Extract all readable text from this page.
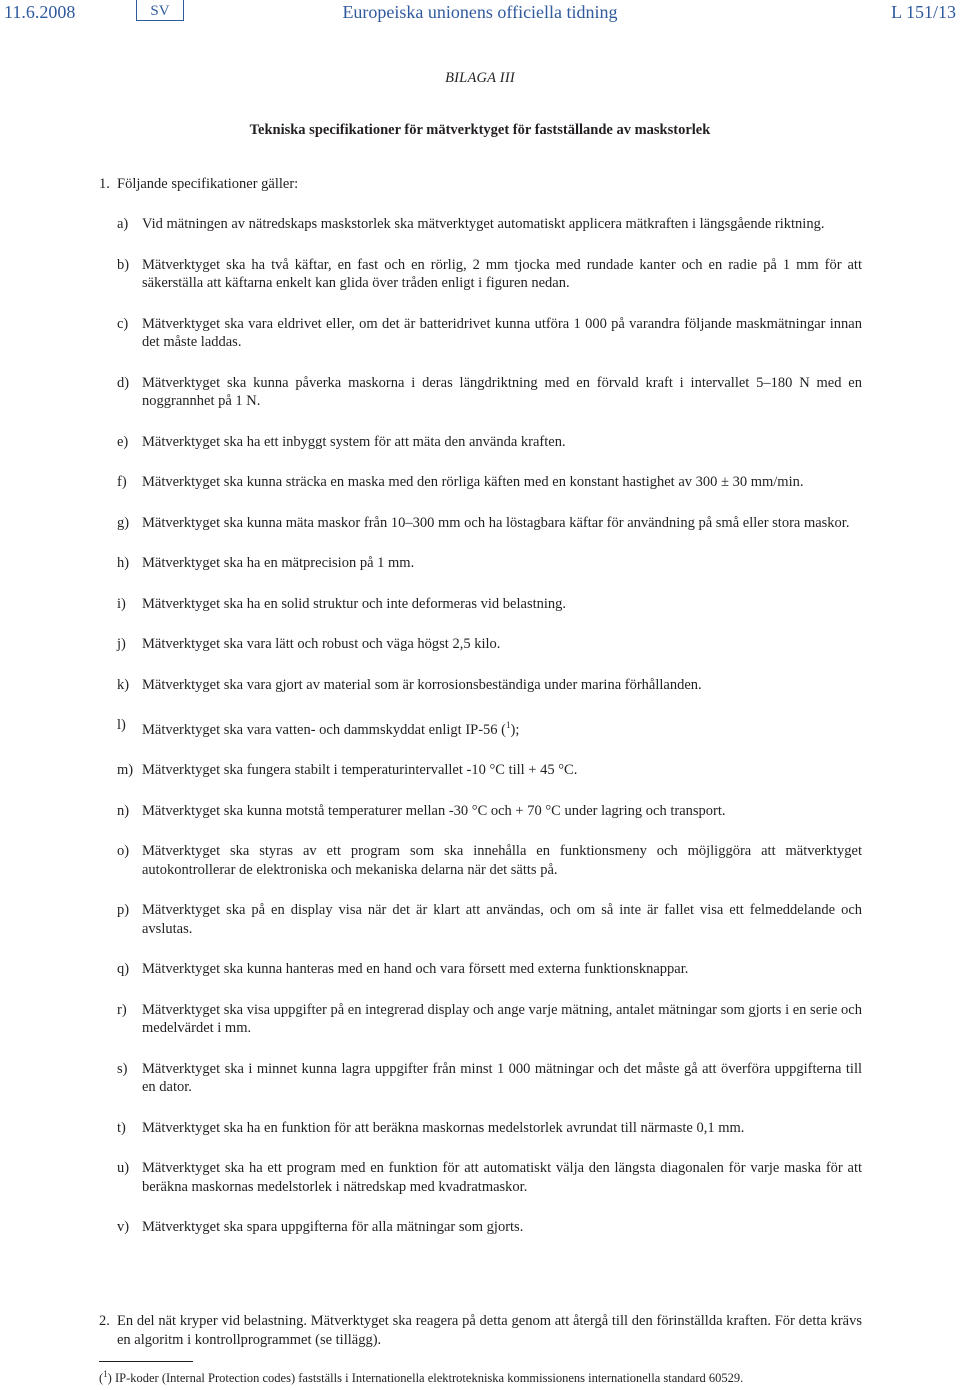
11.6.2008	SV	Europeiska unionens officiella tidning	L 151/13
BILAGA III
Tekniska specifikationer för mätverktyget för fastställande av maskstorlek
1. Följande specifikationer gäller:
a) Vid mätningen av nätredskaps maskstorlek ska mätverktyget automatiskt applicera mätkraften i längsgående riktning.
b) Mätverktyget ska ha två käftar, en fast och en rörlig, 2 mm tjocka med rundade kanter och en radie på 1 mm för att säkerställa att käftarna enkelt kan glida över tråden enligt i figuren nedan.
c) Mätverktyget ska vara eldrivet eller, om det är batteridrivet kunna utföra 1 000 på varandra följande maskmätningar innan det måste laddas.
d) Mätverktyget ska kunna påverka maskorna i deras längdriktning med en förvald kraft i intervallet 5–180 N med en noggrannhet på 1 N.
e) Mätverktyget ska ha ett inbyggt system för att mäta den använda kraften.
f) Mätverktyget ska kunna sträcka en maska med den rörliga käften med en konstant hastighet av 300 ± 30 mm/min.
g) Mätverktyget ska kunna mäta maskor från 10–300 mm och ha löstagbara käftar för användning på små eller stora maskor.
h) Mätverktyget ska ha en mätprecision på 1 mm.
i) Mätverktyget ska ha en solid struktur och inte deformeras vid belastning.
j) Mätverktyget ska vara lätt och robust och väga högst 2,5 kilo.
k) Mätverktyget ska vara gjort av material som är korrosionsbeständiga under marina förhållanden.
l) Mätverktyget ska vara vatten- och dammskyddat enligt IP-56 ($^1$);
m) Mätverktyget ska fungera stabilt i temperaturintervallet -10 °C till + 45 °C.
n) Mätverktyget ska kunna motstå temperaturer mellan -30 °C och + 70 °C under lagring och transport.
o) Mätverktyget ska styras av ett program som ska innehålla en funktionsmeny och möjliggöra att mätverktyget autokontrollerar de elektroniska och mekaniska delarna när det sätts på.
p) Mätverktyget ska på en display visa när det är klart att användas, och om så inte är fallet visa ett felmeddelande och avslutas.
q) Mätverktyget ska kunna hanteras med en hand och vara försett med externa funktionsknappar.
r) Mätverktyget ska visa uppgifter på en integrerad display och ange varje mätning, antalet mätningar som gjorts i en serie och medelvärdet i mm.
s) Mätverktyget ska i minnet kunna lagra uppgifter från minst 1 000 mätningar och det måste gå att överföra uppgifterna till en dator.
t) Mätverktyget ska ha en funktion för att beräkna maskornas medelstorlek avrundat till närmaste 0,1 mm.
u) Mätverktyget ska ha ett program med en funktion för att automatiskt välja den längsta diagonalen för varje maska för att beräkna maskornas medelstorlek i nätredskap med kvadratmaskor.
v) Mätverktyget ska spara uppgifterna för alla mätningar som gjorts.
2. En del nät kryper vid belastning. Mätverktyget ska reagera på detta genom att återgå till den förinställda kraften. För detta krävs en algoritm i kontrollprogrammet (se tillägg).
($^1$) IP-koder (Internal Protection codes) fastställs i Internationella elektrotekniska kommissionens internationella standard 60529.
